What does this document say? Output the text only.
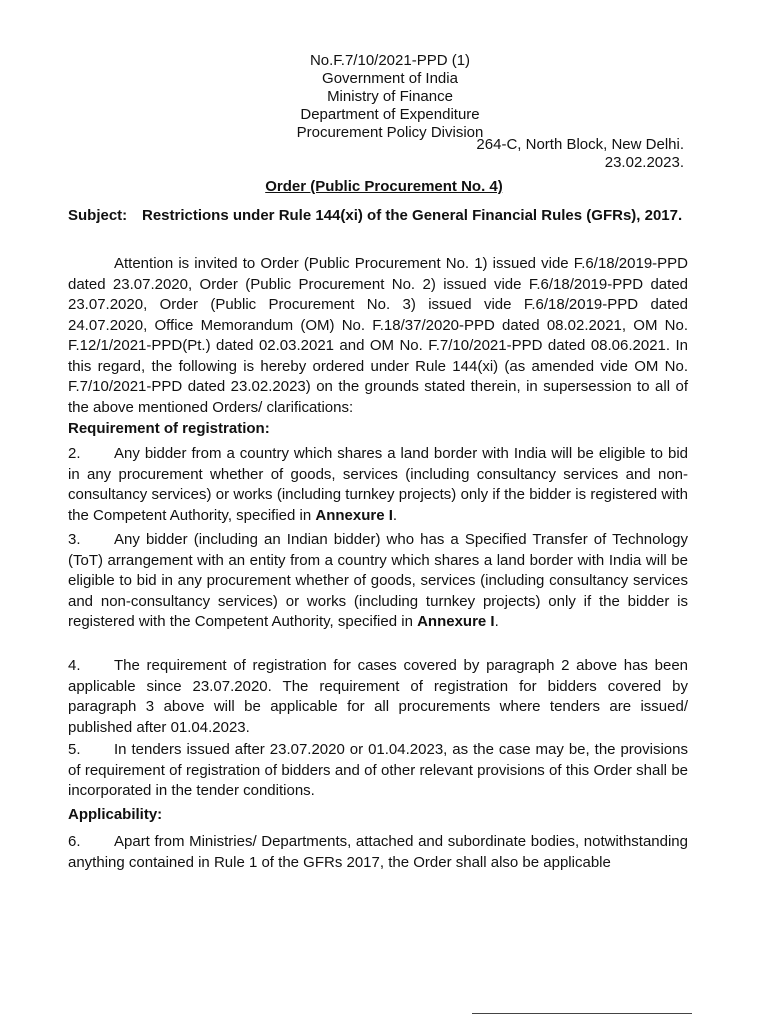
No.F.7/10/2021-PPD (1)
Government of India
Ministry of Finance
Department of Expenditure
Procurement Policy Division
264-C, North Block, New Delhi.
23.02.2023.
Order (Public Procurement No. 4)
Subject: Restrictions under Rule 144(xi) of the General Financial Rules (GFRs), 2017.
Attention is invited to Order (Public Procurement No. 1) issued vide F.6/18/2019-PPD dated 23.07.2020, Order (Public Procurement No. 2) issued vide F.6/18/2019-PPD dated 23.07.2020, Order (Public Procurement No. 3) issued vide F.6/18/2019-PPD dated 24.07.2020, Office Memorandum (OM) No. F.18/37/2020-PPD dated 08.02.2021, OM No. F.12/1/2021-PPD(Pt.) dated 02.03.2021 and OM No. F.7/10/2021-PPD dated 08.06.2021. In this regard, the following is hereby ordered under Rule 144(xi) (as amended vide OM No. F.7/10/2021-PPD dated 23.02.2023) on the grounds stated therein, in supersession to all of the above mentioned Orders/ clarifications:
Requirement of registration:
2. Any bidder from a country which shares a land border with India will be eligible to bid in any procurement whether of goods, services (including consultancy services and non-consultancy services) or works (including turnkey projects) only if the bidder is registered with the Competent Authority, specified in Annexure I.
3. Any bidder (including an Indian bidder) who has a Specified Transfer of Technology (ToT) arrangement with an entity from a country which shares a land border with India will be eligible to bid in any procurement whether of goods, services (including consultancy services and non-consultancy services) or works (including turnkey projects) only if the bidder is registered with the Competent Authority, specified in Annexure I.
4. The requirement of registration for cases covered by paragraph 2 above has been applicable since 23.07.2020. The requirement of registration for bidders covered by paragraph 3 above will be applicable for all procurements where tenders are issued/ published after 01.04.2023.
5. In tenders issued after 23.07.2020 or 01.04.2023, as the case may be, the provisions of requirement of registration of bidders and of other relevant provisions of this Order shall be incorporated in the tender conditions.
Applicability:
6. Apart from Ministries/ Departments, attached and subordinate bodies, notwithstanding anything contained in Rule 1 of the GFRs 2017, the Order shall also be applicable
